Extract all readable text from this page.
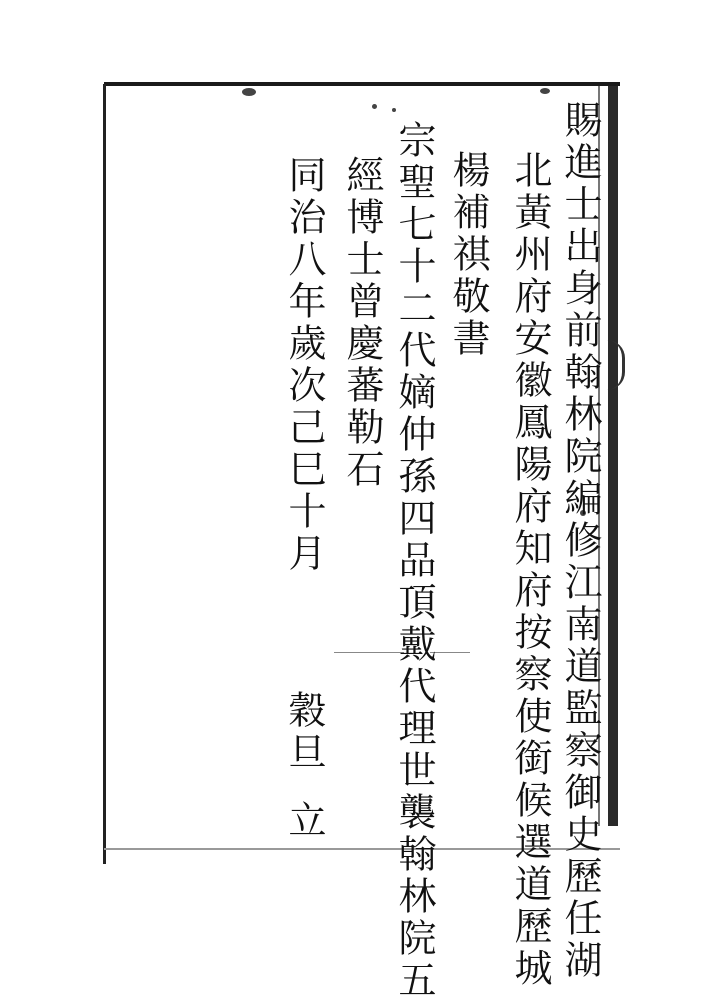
賜進士出身前翰林院編修江南道監察御史歷任湖
北黃州府安徽鳳陽府知府按察使銜候選道歷城
楊補祺敬書
宗聖七十二代嫡仲孫四品頂戴代理世襲翰林院五
經博士曾慶蕃勒石
同治八年歲次己巳十月
穀旦
立
